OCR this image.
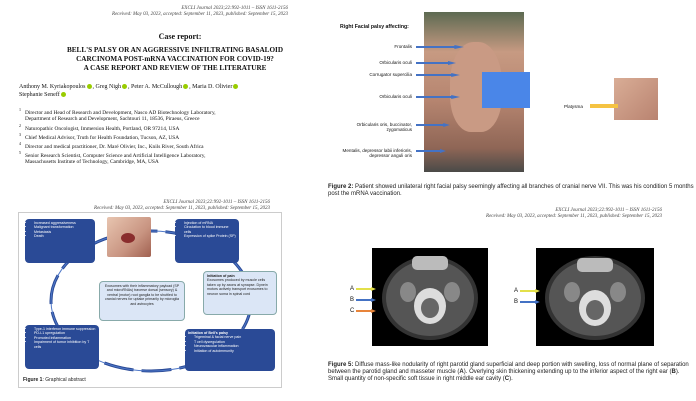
EXCLI Journal 2023;22:992-1011 – ISSN 1611-2156
Received: May 03, 2023, accepted: September 11, 2023, published: September 15, 2023
Case report:
BELL'S PALSY OR AN AGGRESSIVE INFILTRATING BASALOID
CARCINOMA POST-mRNA VACCINATION FOR COVID-19?
A CASE REPORT AND REVIEW OF THE LITERATURE
Anthony M. Kyriakopoulos , Greg Nigh , Peter A. McCullough , Maria D. Olivier
Stephanie Seneff
1Director and Head of Research and Development, Nasco AD Biotechnology Laboratory,
Department of Research and Development, Sachtouri 11, 18536, Piraeus, Greece
2Naturopathic Oncologist, Immersion Health, Portland, OR 97214, USA
3Chief Medical Advisor, Truth for Health Foundation, Tucson, AZ, USA
4Director and medical practitioner, Dr. Maré Olivier, Inc., Knils River, South Africa
5Senior Research Scientist, Computer Science and Artificial Intelligence Laboratory,
Massachusetts Institute of Technology, Cambridge, MA, USA
EXCLI Journal 2023;22:992-1011 – ISSN 1611-2156
Received: May 03, 2023, accepted: September 11, 2023, published: September 15, 2023
• Increased aggressiveness
• Malignant transformation
• Metastasis
• Death
• Injection of mRNA
• Circulation to blood immune cells
• Expression of spike Protein (SP)
Initiation of pain
Exosomes produced by muscle cells taken up by axons at synapse. Dynein motors actively transport exosomes to neuron soma in spinal cord
Exosomes with their inflammatory payload (SP and microRNAs) traverse dorsal (sensory) & ventral (motor) root ganglia to be shuttled to cranial nerves for uptake primarily by microglia and astrocytes
• Type-1 interferon immune suppression
• PD-L1 upregulation
• Promoted inflammation
• Impairment of tumor inhibition by T cells
Initiation of Bell's palsy
• Trigeminal & facial nerve pain
• T cell dysregulation
• Neurovascular inflammation
• Initiation of autoimmunity
Figure 1: Graphical abstract
Right Facial palsy affecting:
Frontalis
Orbicularis oculi
Corrugator supercilia
Orbicularis oculi
Orbicularis oris, buccinator, zygomaticus
Mentalis, depressor labii inferioris, depressor anguli oris
Platysma
Figure 2: Patient showed unilateral right facial palsy seemingly affecting all branches of cranial nerve VII. This was his condition 5 months post the mRNA vaccination.
EXCLI Journal 2023;22:992-1011 – ISSN 1611-2156
Received: May 03, 2023, accepted: September 11, 2023, published: September 15, 2023
A
B
C
A
B
Figure 5: Diffuse mass-like nodularity of right parotid gland superficial and deep portion with swelling, loss of normal plane of separation between the parotid gland and masseter muscle (A). Overlying skin thickening extending up to the inferior aspect of the right ear (B). Small quantity of non-specific soft tissue in right middle ear cavity (C).
